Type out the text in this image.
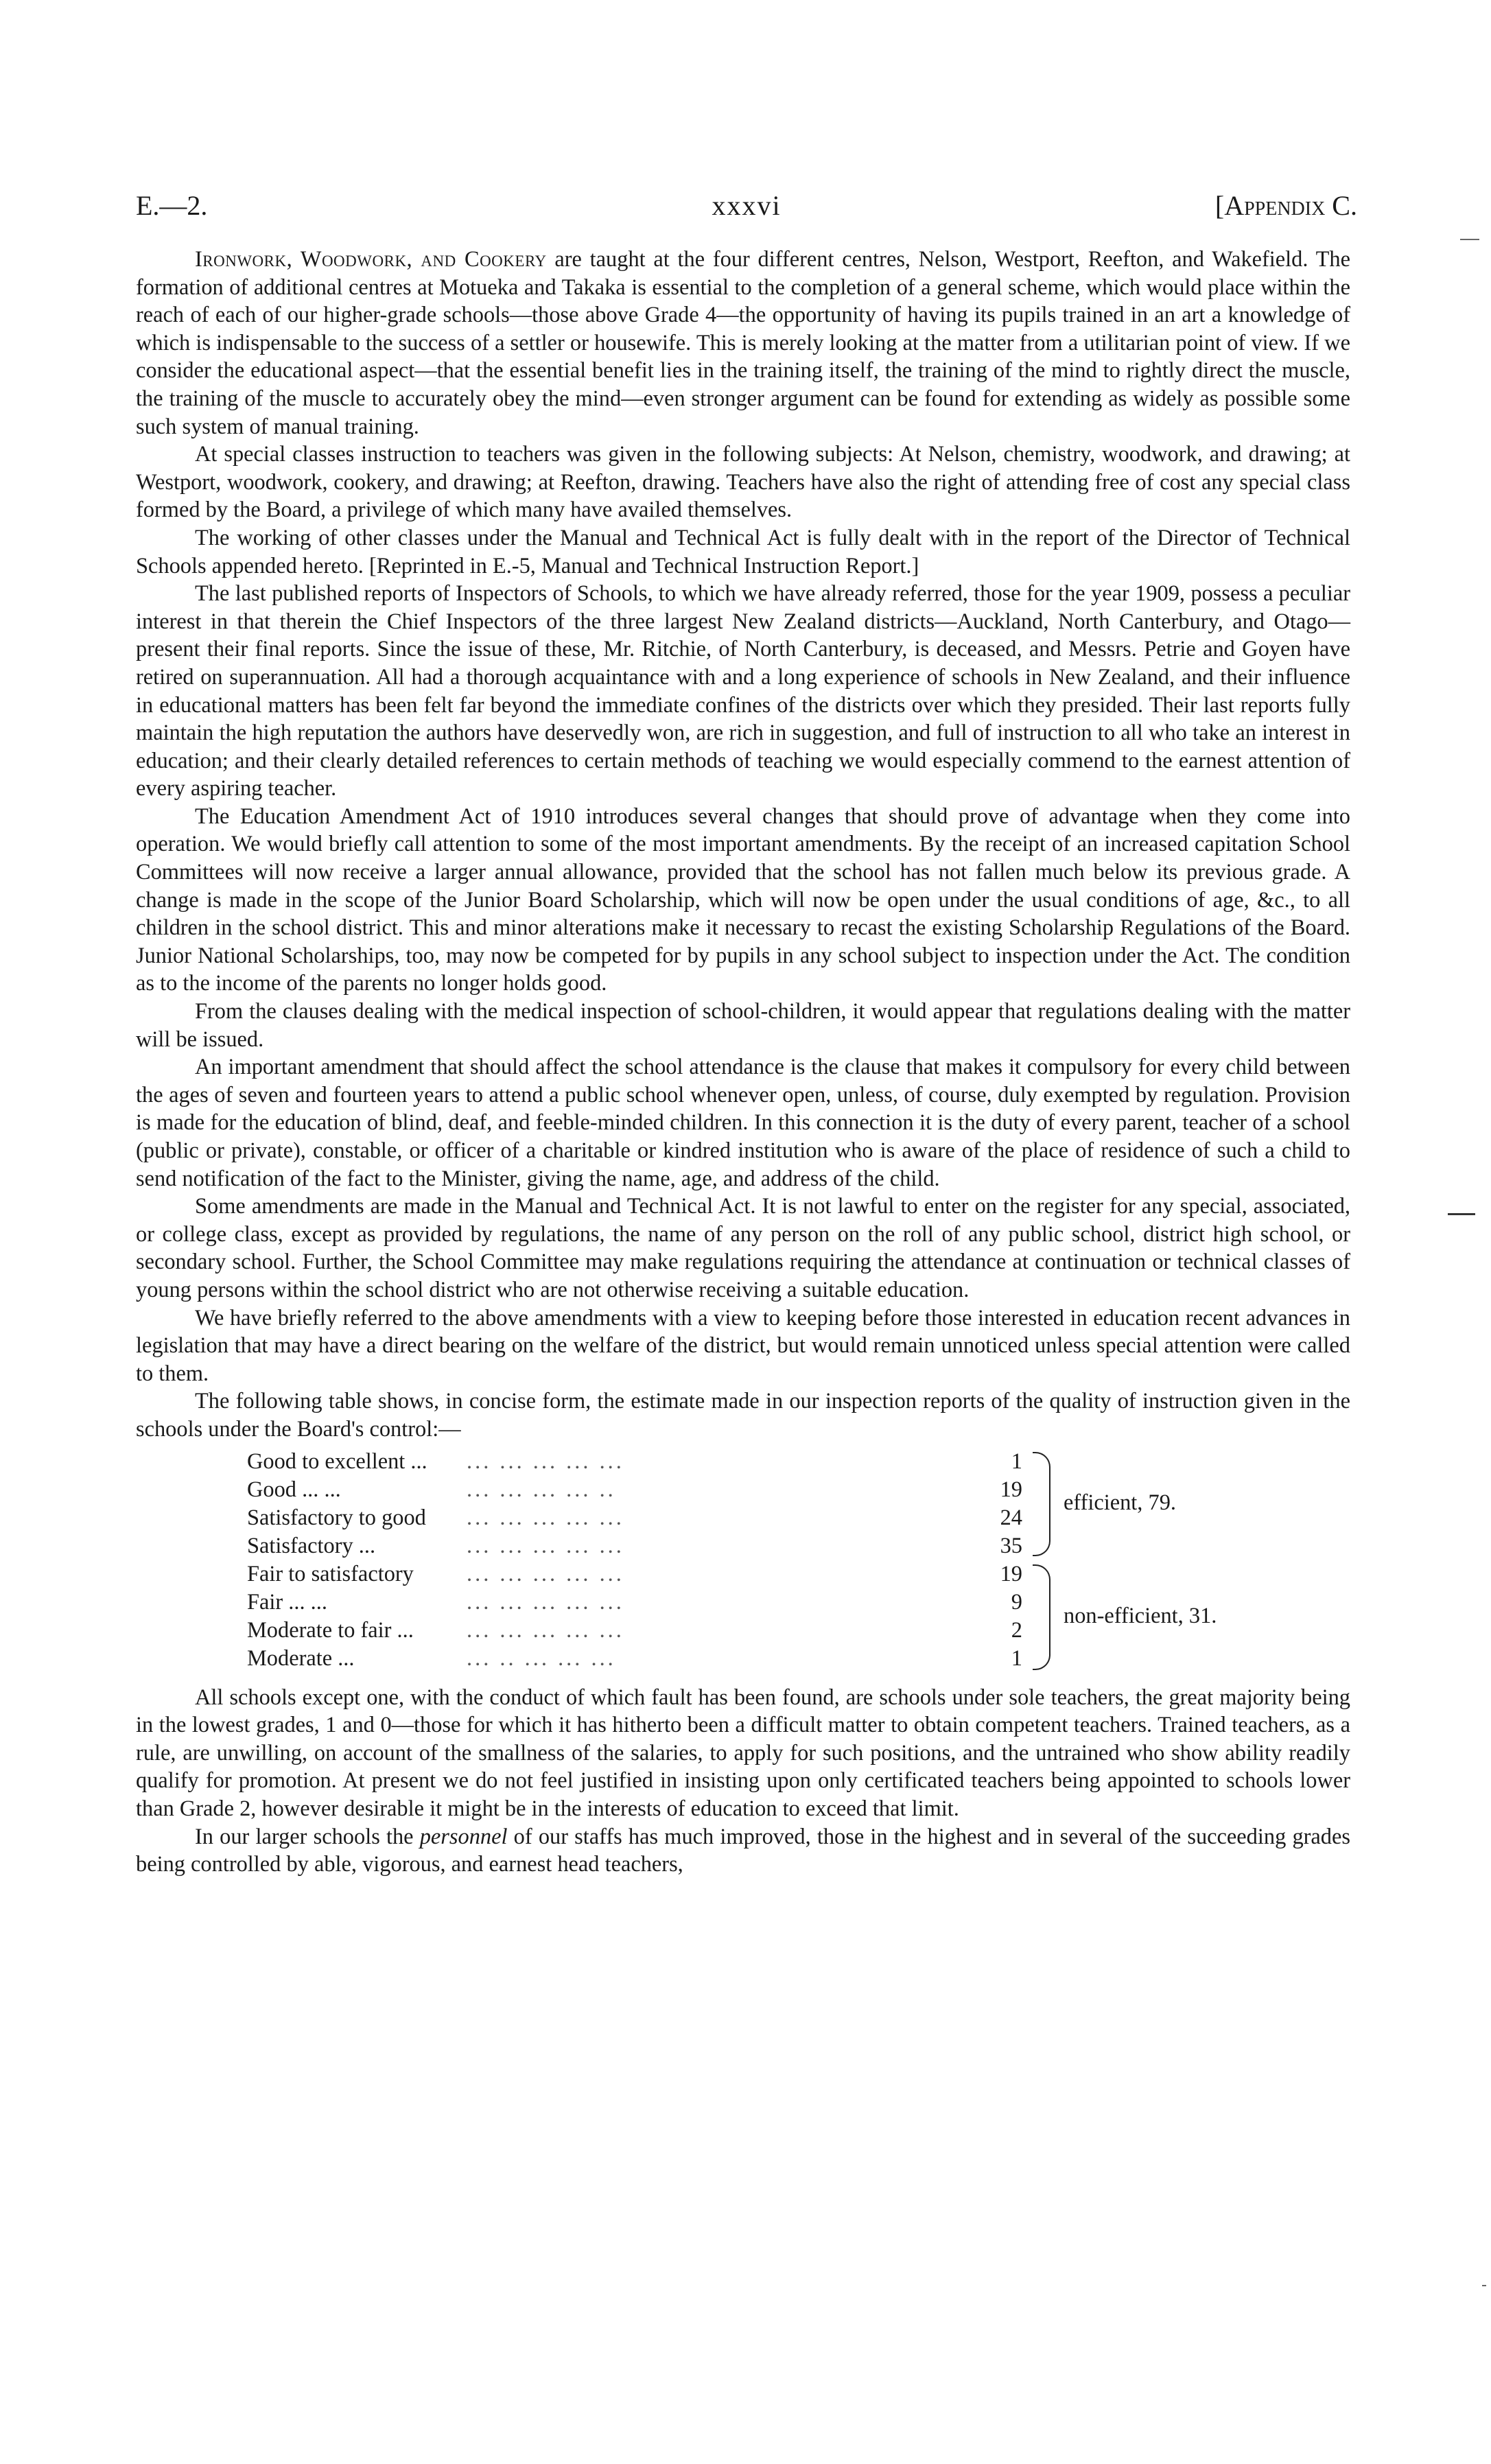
E.—2.	xxxvi	[Appendix C.

Ironwork, Woodwork, and Cookery are taught at the four different centres, Nelson, Westport, Reefton, and Wakefield. The formation of additional centres at Motueka and Takaka is essential to the completion of a general scheme, which would place within the reach of each of our higher-grade schools—those above Grade 4—the opportunity of having its pupils trained in an art a knowledge of which is indispensable to the success of a settler or housewife. This is merely looking at the matter from a utilitarian point of view. If we consider the educational aspect—that the essential benefit lies in the training itself, the training of the mind to rightly direct the muscle, the training of the muscle to accurately obey the mind—even stronger argument can be found for extending as widely as possible some such system of manual training.

At special classes instruction to teachers was given in the following subjects: At Nelson, chemistry, woodwork, and drawing; at Westport, woodwork, cookery, and drawing; at Reefton, drawing. Teachers have also the right of attending free of cost any special class formed by the Board, a privilege of which many have availed themselves.

The working of other classes under the Manual and Technical Act is fully dealt with in the report of the Director of Technical Schools appended hereto. [Reprinted in E.-5, Manual and Technical Instruction Report.]

The last published reports of Inspectors of Schools, to which we have already referred, those for the year 1909, possess a peculiar interest in that therein the Chief Inspectors of the three largest New Zealand districts—Auckland, North Canterbury, and Otago—present their final reports. Since the issue of these, Mr. Ritchie, of North Canterbury, is deceased, and Messrs. Petrie and Goyen have retired on superannuation. All had a thorough acquaintance with and a long experience of schools in New Zealand, and their influence in educational matters has been felt far beyond the immediate confines of the districts over which they presided. Their last reports fully maintain the high reputation the authors have deservedly won, are rich in suggestion, and full of instruction to all who take an interest in education; and their clearly detailed references to certain methods of teaching we would especially commend to the earnest attention of every aspiring teacher.

The Education Amendment Act of 1910 introduces several changes that should prove of advantage when they come into operation. We would briefly call attention to some of the most important amendments. By the receipt of an increased capitation School Committees will now receive a larger annual allowance, provided that the school has not fallen much below its previous grade. A change is made in the scope of the Junior Board Scholarship, which will now be open under the usual conditions of age, &c., to all children in the school district. This and minor alterations make it necessary to recast the existing Scholarship Regulations of the Board. Junior National Scholarships, too, may now be competed for by pupils in any school subject to inspection under the Act. The condition as to the income of the parents no longer holds good.

From the clauses dealing with the medical inspection of school-children, it would appear that regulations dealing with the matter will be issued.

An important amendment that should affect the school attendance is the clause that makes it compulsory for every child between the ages of seven and fourteen years to attend a public school whenever open, unless, of course, duly exempted by regulation. Provision is made for the education of blind, deaf, and feeble-minded children. In this connection it is the duty of every parent, teacher of a school (public or private), constable, or officer of a charitable or kindred institution who is aware of the place of residence of such a child to send notification of the fact to the Minister, giving the name, age, and address of the child.

Some amendments are made in the Manual and Technical Act. It is not lawful to enter on the register for any special, associated, or college class, except as provided by regulations, the name of any person on the roll of any public school, district high school, or secondary school. Further, the School Committee may make regulations requiring the attendance at continuation or technical classes of young persons within the school district who are not otherwise receiving a suitable education.

We have briefly referred to the above amendments with a view to keeping before those interested in education recent advances in legislation that may have a direct bearing on the welfare of the district, but would remain unnoticed unless special attention were called to them.

The following table shows, in concise form, the estimate made in our inspection reports of the quality of instruction given in the schools under the Board's control:—

Good to excellent ... ... ... ... ... ...	1
Good ... ...	... ... ... ... ..	19
Satisfactory to good ... ... ... ... ...	24
Satisfactory ...	... ... ... ... ...	35
Fair to satisfactory ... ... ... ... ...	19
Fair ... ...	... ... ... ... ...	9
Moderate to fair ... ... ... ... ... ...	2
Moderate ...	... .. ... ... ...	1
efficient, 79.
non-efficient, 31.

All schools except one, with the conduct of which fault has been found, are schools under sole teachers, the great majority being in the lowest grades, 1 and 0—those for which it has hitherto been a difficult matter to obtain competent teachers. Trained teachers, as a rule, are unwilling, on account of the smallness of the salaries, to apply for such positions, and the untrained who show ability readily qualify for promotion. At present we do not feel justified in insisting upon only certificated teachers being appointed to schools lower than Grade 2, however desirable it might be in the interests of education to exceed that limit.

In our larger schools the personnel of our staffs has much improved, those in the highest and in several of the succeeding grades being controlled by able, vigorous, and earnest head teachers,
